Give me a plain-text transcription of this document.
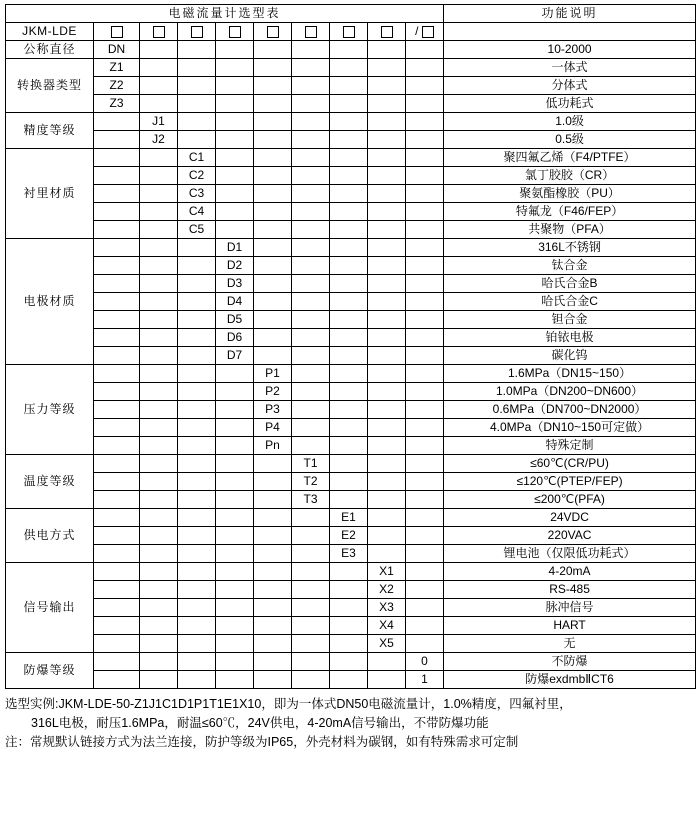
电磁流量计选型表										功能说明
JKM-LDE									/	
公称直径	DN									10-2000
转换器类型	Z1									一体式
	Z2									分体式
	Z3									低功耗式
精度等级		J1								1.0级
		J2								0.5级
衬里材质			C1							聚四氟乙烯（F4/PTFE）
			C2							氯丁胶胶（CR）
			C3							聚氨酯橡胶（PU）
			C4							特氟龙（F46/FEP）
			C5							共聚物（PFA）
电极材质				D1						316L不锈钢
				D2						钛合金
				D3						哈氏合金B
				D4						哈氏合金C
				D5						钽合金
				D6						铂铱电极
				D7						碳化钨
压力等级					P1					1.6MPa（DN15~150）
					P2					1.0MPa（DN200~DN600）
					P3					0.6MPa（DN700~DN2000）
					P4					4.0MPa（DN10~150可定做）
					Pn					特殊定制
温度等级						T1				≤60℃(CR/PU)
						T2				≤120℃(PTEP/FEP)
						T3				≤200℃(PFA)
供电方式							E1			24VDC
							E2			220VAC
							E3			锂电池（仅限低功耗式）
信号输出								X1		4-20mA
								X2		RS-485
								X3		脉冲信号
								X4		HART
								X5		无
防爆等级									0	不防爆
									1	防爆exdmbⅡCT6
选型实例:JKM-LDE-50-Z1J1C1D1P1T1E1X10，即为一体式DN50电磁流量计，1.0%精度，四氟衬里，
316L电极，耐压1.6MPa，耐温≤60℃，24V供电，4-20mA信号输出，不带防爆功能
注：常规默认链接方式为法兰连接，防护等级为IP65，外壳材料为碳钢，如有特殊需求可定制
